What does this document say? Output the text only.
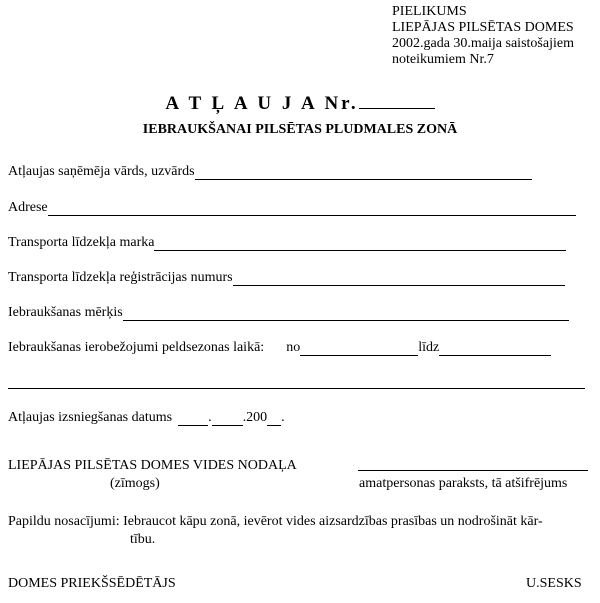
PIELIKUMS
LIEPĀJAS PILSĒTAS DOMES
2002.gada 30.maija saistošajiem
noteikumiem Nr.7
A T Ļ A U J A Nr.
IEBRAUKŠANAI PILSĒTAS PLUDMALES ZONĀ
Atļaujas saņēmēja vārds, uzvārds
Adrese
Transporta līdzekļa marka
Transporta līdzekļa reģistrācijas numurs
Iebraukšanas mērķis
Iebraukšanas ierobežojumi peldsezonas laikā: no	līdz
Atļaujas izsniegšanas datums	. .200 .
LIEPĀJAS PILSĒTAS DOMES VIDES NODAĻA
(zīmogs)	amatpersonas paraksts, tā atšifrējums
Papildu nosacījumi: Iebraucot kāpu zonā, ievērot vides aizsardzības prasības un nodrošināt kār-
tību.
DOMES PRIEKŠSĒDĒTĀJS	U.SESKS
